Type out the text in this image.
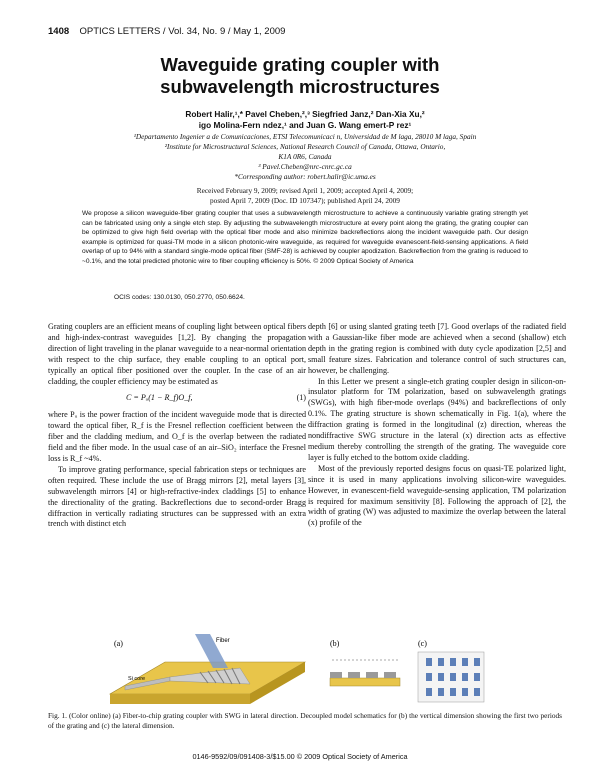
1408 OPTICS LETTERS / Vol. 34, No. 9 / May 1, 2009
Waveguide grating coupler with
subwavelength microstructures
Robert Halir,¹,* Pavel Cheben,²,³ Siegfried Janz,² Dan-Xia Xu,²
igo Molina-Fern ndez,¹ and Juan G. Wang emert-P rez¹
¹Departamento Ingenier a de Comunicaciones, ETSI Telecomunicaci n, Universidad de M laga, 28010 M laga, Spain
²Institute for Microstructural Sciences, National Research Council of Canada, Ottawa, Ontario,
K1A 0R6, Canada
³ Pavel.Cheben@nrc-cnrc.gc.ca
*Corresponding author: robert.halir@ic.uma.es
Received February 9, 2009; revised April 1, 2009; accepted April 4, 2009;
posted April 7, 2009 (Doc. ID 107347); published April 24, 2009
We propose a silicon waveguide-fiber grating coupler that uses a subwavelength microstructure to achieve a continuously variable grating strength yet can be fabricated using only a single etch step. By adjusting the subwavelength microstructure at every point along the grating, the grating coupler can be optimized to give high field overlap with the optical fiber mode and also minimize backreflections along the incident waveguide path. Our design example is optimized for quasi-TM mode in a silicon photonic-wire waveguide, as required for waveguide evanescent-field-sensing applications. A field overlap of up to 94% with a standard single-mode optical fiber (SMF-28) is achieved by coupler apodization. Backreflection from the grating is reduced to ~0.1%, and the total predicted photonic wire to fiber coupling efficiency is 50%. © 2009 Optical Society of America
OCIS codes: 130.0130, 050.2770, 050.6624.

Grating couplers are an efficient means of coupling light between optical fibers and high-index-contrast waveguides [1,2]. By changing the propagation direction of light traveling in the planar waveguide to a near-normal orientation with respect to the chip surface, they enable coupling to an optical port, typically an optical fiber positioned over the coupler. In the case of an air cladding, the coupler efficiency may be estimated as

C = Pᵤ(1 − R_f)O_f,	(1)

where Pᵤ is the power fraction of the incident waveguide mode that is directed toward the optical fiber, R_f is the Fresnel reflection coefficient between the fiber and the cladding medium, and O_f is the overlap between the radiated field and the fiber mode. In the usual case of an air–SiO₂ interface the Fresnel loss is R_f ~4%.

To improve grating performance, special fabrication steps or techniques are often required. These include the use of Bragg mirrors [2], metal layers [3], subwavelength mirrors [4] or high-refractive-index claddings [5] to enhance the directionality of the grating. Backreflections due to second-order Bragg diffraction in vertically radiating structures can be suppressed with an extra trench with distinct etch

depth [6] or using slanted grating teeth [7]. Good overlaps of the radiated field with a Gaussian-like fiber mode are achieved when a second (shallow) etch depth in the grating region is combined with duty cycle apodization [2,5] and small feature sizes. Fabrication and tolerance control of such structures can, however, be challenging.

In this Letter we present a single-etch grating coupler design in silicon-on-insulator platform for TM polarization, based on subwavelength gratings (SWGs), with high fiber-mode overlaps (94%) and backreflections of only 0.1%. The grating structure is shown schematically in Fig. 1(a), where the diffraction grating is formed in the longitudinal (z) direction, whereas the nondiffractive SWG structure in the lateral (x) direction acts as effective medium thereby controlling the strength of the grating. The waveguide core layer is fully etched to the bottom oxide cladding.

Most of the previously reported designs focus on quasi-TE polarized light, since it is used in many applications involving silicon-wire waveguides. However, in evanescent-field waveguide-sensing application, TM polarization is required for maximum sensitivity [8]. Following the approach of [2], the width of grating (W) was adjusted to maximize the overlap between the lateral (x) profile of the

(a)	Fiber
Si core
(b)	(c)
Fig. 1. (Color online) (a) Fiber-to-chip grating coupler with SWG in lateral direction. Decoupled model schematics for (b) the vertical dimension showing the first two periods of the grating and (c) the lateral dimension.
0146-9592/09/091408-3/$15.00 © 2009 Optical Society of America
